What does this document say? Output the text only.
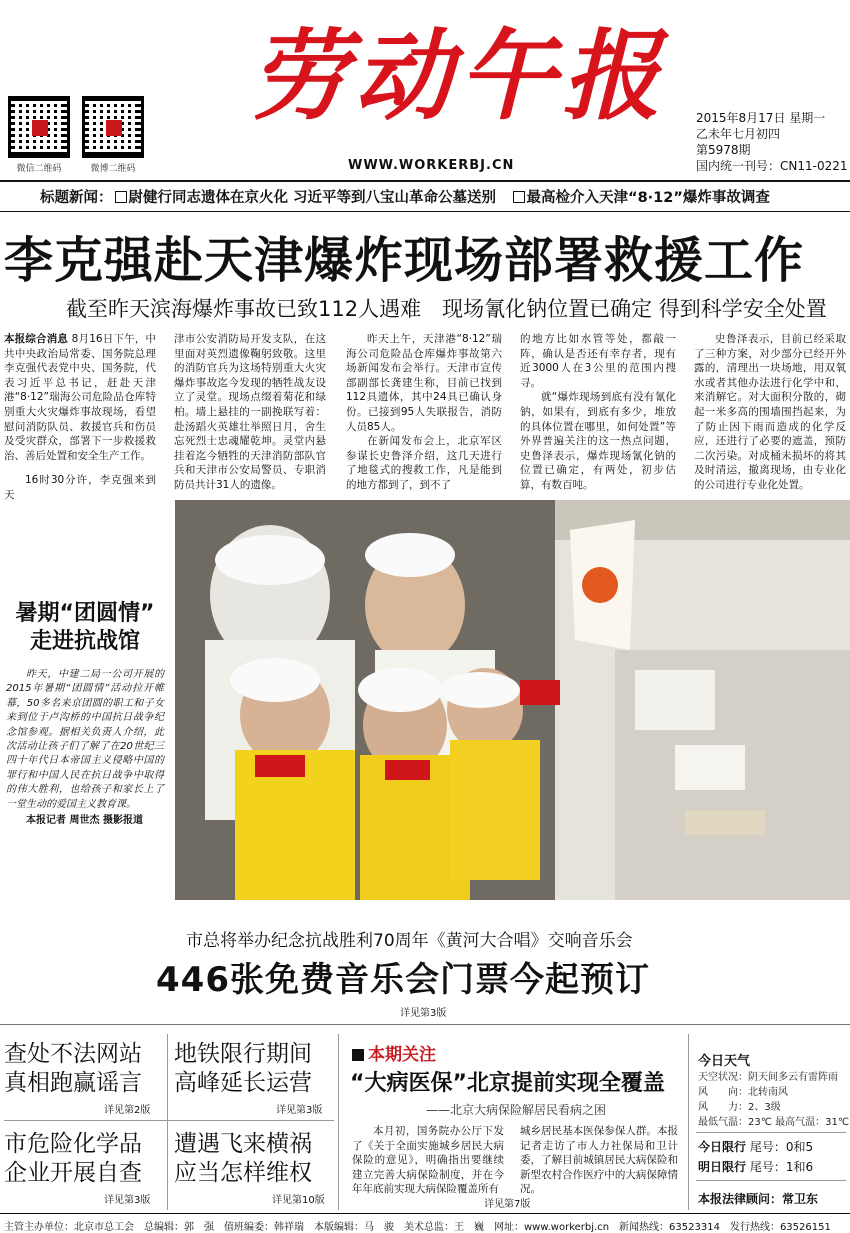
微信二维码	微博二维码
劳动午报
WWW.WORKERBJ.CN
2015年8月17日 星期一
乙未年七月初四
第5978期
国内统一刊号：CN11-0221
标题新闻： 尉健行同志遗体在京火化 习近平等到八宝山革命公墓送别　 最高检介入天津“8·12”爆炸事故调查
李克强赴天津爆炸现场部署救援工作
截至昨天滨海爆炸事故已致112人遇难　现场氰化钠位置已确定 得到科学安全处置
本报综合消息 8月16日下午，中共中央政治局常委、国务院总理李克强代表党中央、国务院，代表习近平总书记，赶赴天津港“8·12”瑞海公司危险品仓库特别重大火灾爆炸事故现场，看望慰问消防队员、救援官兵和伤员及受灾群众，部署下一步救援救治、善后处置和安全生产工作。

16时30分许，李克强来到天
津市公安消防局开发支队，在这里面对英烈遗像鞠躬致敬。这里的消防官兵为这场特别重大火灾爆炸事故迄今发现的牺牲战友设立了灵堂。现场点缀着菊花和绿柏。墙上悬挂的一副挽联写着：赴汤蹈火英雄壮举照日月，舍生忘死烈士忠魂耀乾坤。灵堂内悬挂着迄今牺牲的天津消防部队官兵和天津市公安局警员、专职消防员共计31人的遗像。
昨天上午，天津港“8·12”瑞海公司危险品仓库爆炸事故第六场新闻发布会举行。天津市宣传部副部长龚建生称，目前已找到112具遗体，其中24具已确认身份。已接到95人失联报告，消防人员85人。
在新闻发布会上，北京军区参谋长史鲁泽介绍，这几天进行了地毯式的搜救工作，凡是能到的地方都到了，到不了
的地方比如水管等处，都敲一阵，确认是否还有幸存者，现有近3000人在3公里的范围内搜寻。
就“爆炸现场到底有没有氰化钠，如果有，到底有多少，堆放的具体位置在哪里，如何处置”等外界普遍关注的这一热点问题，史鲁泽表示，爆炸现场氰化钠的位置已确定，有两处，初步估算，有数百吨。
史鲁泽表示，目前已经采取了三种方案，对少部分已经开外露的，清理出一块场地，用双氧水或者其他办法进行化学中和，来消解它。对大面积分散的，砌起一米多高的围墙围挡起来，为了防止因下雨而造成的化学反应，还进行了必要的遮盖，预防二次污染。对成桶未损坏的将其及时清运，撤离现场，由专业化的公司进行专业化处置。
暑期“团圆情”
走进抗战馆
昨天，中建二局一公司开展的2015年暑期“团圆情”活动拉开帷幕，50多名来京团圆的职工和子女来到位于卢沟桥的中国抗日战争纪念馆参观。据相关负责人介绍，此次活动让孩子们了解了在20世纪三四十年代日本帝国主义侵略中国的罪行和中国人民在抗日战争中取得的伟大胜利，也给孩子和家长上了一堂生动的爱国主义教育课。
本报记者 周世杰 摄影报道
市总将举办纪念抗战胜利70周年《黄河大合唱》交响音乐会
446张免费音乐会门票今起预订
详见第3版
查处不法网站
真相跑赢谣言
详见第2版
地铁限行期间
高峰延长运营
详见第3版
市危险化学品
企业开展自查
详见第3版
遭遇飞来横祸
应当怎样维权
详见第10版
本期关注
“大病医保”北京提前实现全覆盖
——北京大病保险解居民看病之困
本月初，国务院办公厅下发了《关于全面实施城乡居民大病保险的意见》，明确指出要继续建立完善大病保险制度，并在今年年底前实现大病保险覆盖所有
城乡居民基本医保参保人群。本报记者走访了市人力社保局和卫计委，了解目前城镇居民大病保险和新型农村合作医疗中的大病保障情况。
详见第7版
今日天气
天空状况：阴天间多云有雷阵雨
风　　向：北转南风
风　　力：2、3级
最低气温：23℃ 最高气温：31℃
今日限行 尾号：0和5
明日限行 尾号：1和6
本报法律顾问：常卫东
主管主办单位：北京市总工会　总编辑：郭　强　值班编委：韩祥瑞　本版编辑：马　骏　美术总监：王　巍　网址：www.workerbj.cn　新闻热线：63523314　发行热线：63526151
